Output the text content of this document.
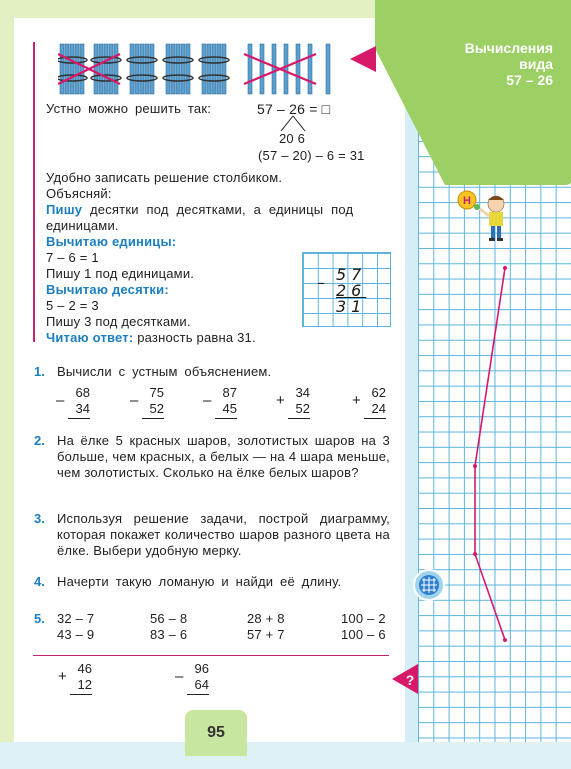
Вычисления
вида
57 – 26
Устно можно решить так:	57 – 26 = □
20 6
(57 – 20) – 6 = 31
Удобно записать решение столбиком.
Объясняй:
Пишу десятки под десятками, а единицы под
единицами.
Вычитаю единицы:
7 – 6 = 1
Пишу 1 под единицами.
Вычитаю десятки:
5 – 2 = 3
Пишу 3 под десятками.
Читаю ответ: разность равна 31.
57
– 26
31
1. Вычисли с устным объяснением.
– 68
34	– 75
52	– 87
45	+ 34
52	+ 62
24
2. На ёлке 5 красных шаров, золотистых шаров на 3 больше, чем красных, а белых — на 4 шара меньше, чем золотистых. Сколько на ёлке белых шаров?
3. Используя решение задачи, построй диаграмму, которая покажет количество шаров разного цвета на ёлке. Выбери удобную мерку.
4. Начерти такую ломаную и найди её длину.
5. 32 – 7	56 – 8	28 + 8	100 – 2
43 – 9	83 – 6	57 + 7	100 – 6
+ 46
12	– 96
64
95
Н
?
